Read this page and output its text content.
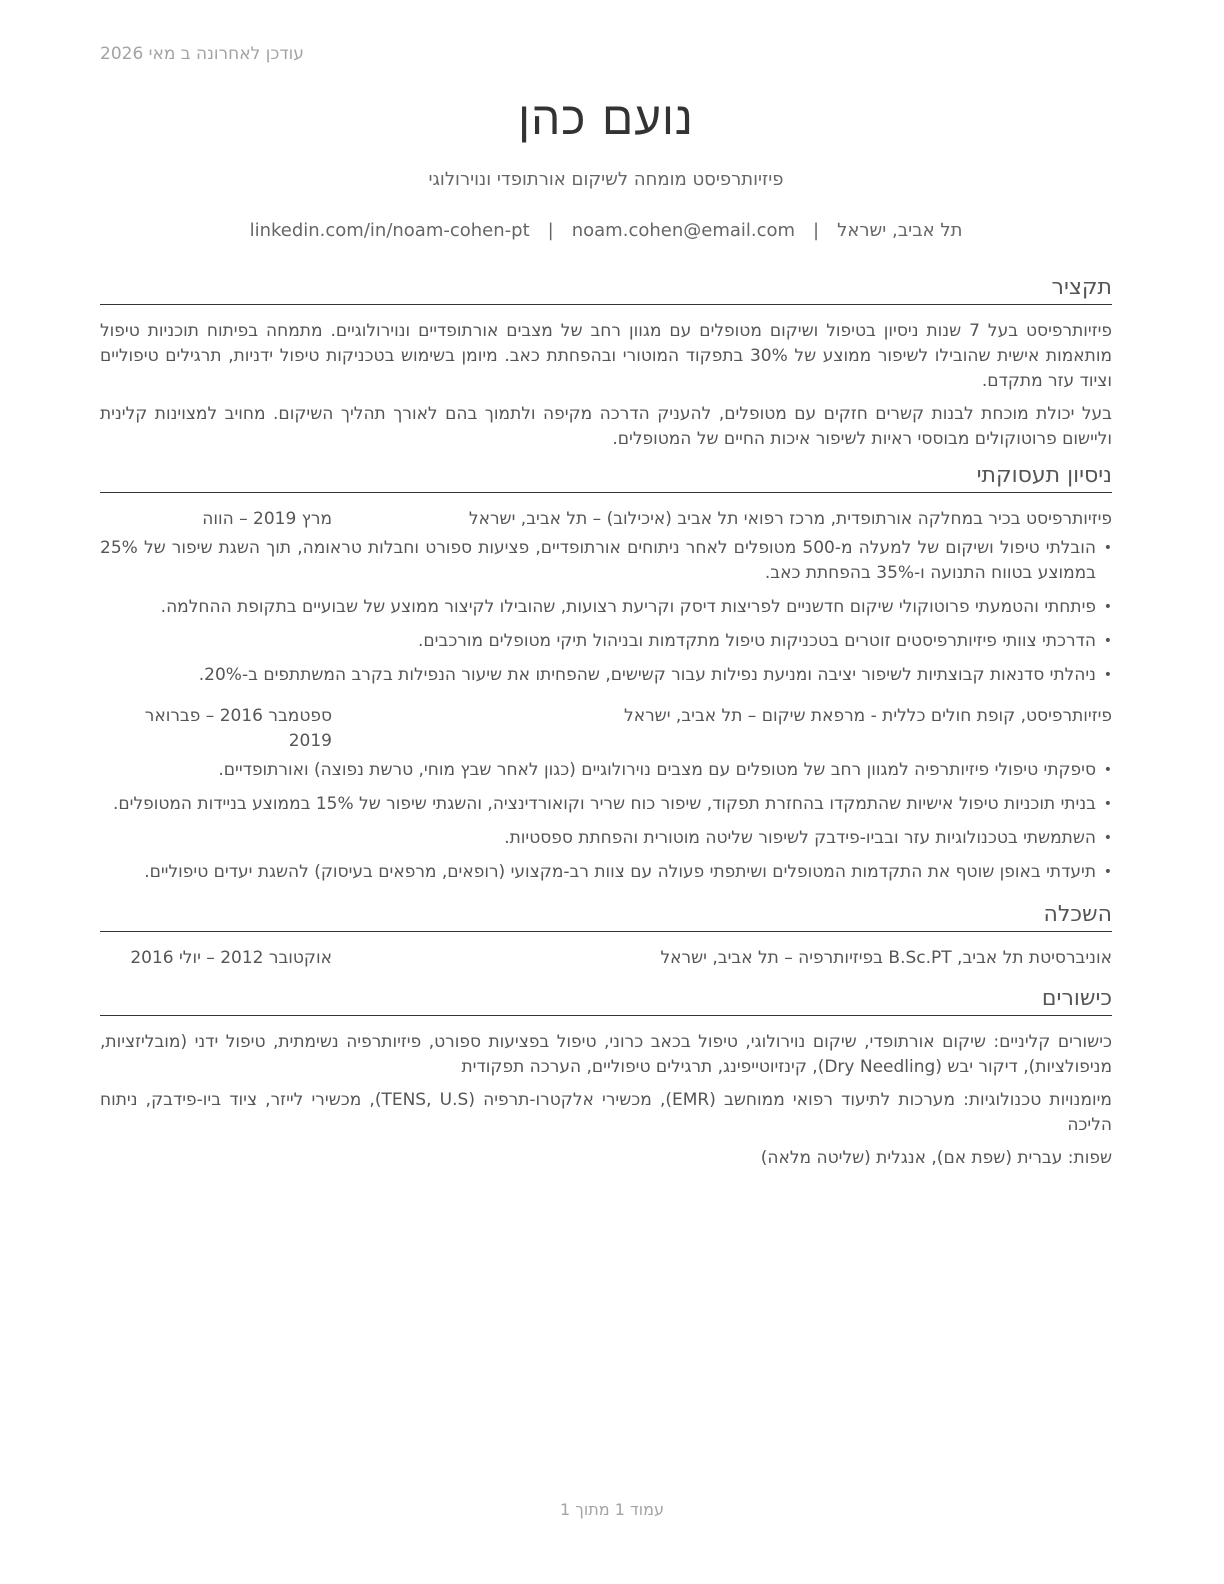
עודכן לאחרונה ב מאי 2026
נועם כהן
פיזיותרפיסט מומחה לשיקום אורתופדי ונוירולוגי
תל אביב, ישראל
|
noam.cohen@email.com
|
linkedin.com/in/noam-cohen-pt
תקציר

פיזיותרפיסט בעל 7 שנות ניסיון בטיפול ושיקום מטופלים עם מגוון רחב של מצבים אורתופדיים ונוירולוגיים. מתמחה בפיתוח תוכניות טיפול מותאמות אישית שהובילו לשיפור ממוצע של 30% בתפקוד המוטורי ובהפחתת כאב. מיומן בשימוש בטכניקות טיפול ידניות, תרגילים טיפוליים וציוד עזר מתקדם.

בעל יכולת מוכחת לבנות קשרים חזקים עם מטופלים, להעניק הדרכה מקיפה ולתמוך בהם לאורך תהליך השיקום. מחויב למצוינות קלינית וליישום פרוטוקולים מבוססי ראיות לשיפור איכות החיים של המטופלים.

ניסיון תעסוקתי
פיזיותרפיסט בכיר במחלקה אורתופדית, מרכז רפואי תל אביב (איכילוב) – תל אביב, ישראל
מרץ 2019 – הווה
• הובלתי טיפול ושיקום של למעלה מ-500 מטופלים לאחר ניתוחים אורתופדיים, פציעות ספורט וחבלות טראומה, תוך השגת שיפור של 25% בממוצע בטווח התנועה ו-35% בהפחתת כאב.
• פיתחתי והטמעתי פרוטוקולי שיקום חדשניים לפריצות דיסק וקריעת רצועות, שהובילו לקיצור ממוצע של שבועיים בתקופת ההחלמה.
• הדרכתי צוותי פיזיותרפיסטים זוטרים בטכניקות טיפול מתקדמות ובניהול תיקי מטופלים מורכבים.
• ניהלתי סדנאות קבוצתיות לשיפור יציבה ומניעת נפילות עבור קשישים, שהפחיתו את שיעור הנפילות בקרב המשתתפים ב-20%.
פיזיותרפיסט, קופת חולים כללית - מרפאת שיקום – תל אביב, ישראל
ספטמבר 2016 – פברואר 2019
• סיפקתי טיפולי פיזיותרפיה למגוון רחב של מטופלים עם מצבים נוירולוגיים (כגון לאחר שבץ מוחי, טרשת נפוצה) ואורתופדיים.
• בניתי תוכניות טיפול אישיות שהתמקדו בהחזרת תפקוד, שיפור כוח שריר וקואורדינציה, והשגתי שיפור של 15% בממוצע בניידות המטופלים.
• השתמשתי בטכנולוגיות עזר ובביו-פידבק לשיפור שליטה מוטורית והפחתת ספסטיות.
• תיעדתי באופן שוטף את התקדמות המטופלים ושיתפתי פעולה עם צוות רב-מקצועי (רופאים, מרפאים בעיסוק) להשגת יעדים טיפוליים.
השכלה
אוניברסיטת תל אביב, B.Sc.PT בפיזיותרפיה – תל אביב, ישראל
אוקטובר 2012 – יולי 2016
כישורים

כישורים קליניים: שיקום אורתופדי, שיקום נוירולוגי, טיפול בכאב כרוני, טיפול בפציעות ספורט, פיזיותרפיה נשימתית, טיפול ידני (מובליזציות, מניפולציות), דיקור יבש (Dry Needling), קינזיוטייפינג, תרגילים טיפוליים, הערכה תפקודית

מיומנויות טכנולוגיות: מערכות לתיעוד רפואי ממוחשב (EMR), מכשירי אלקטרו-תרפיה (TENS, U.S), מכשירי לייזר, ציוד ביו-פידבק, ניתוח הליכה

שפות: עברית (שפת אם), אנגלית (שליטה מלאה)

עמוד 1 מתוך 1
